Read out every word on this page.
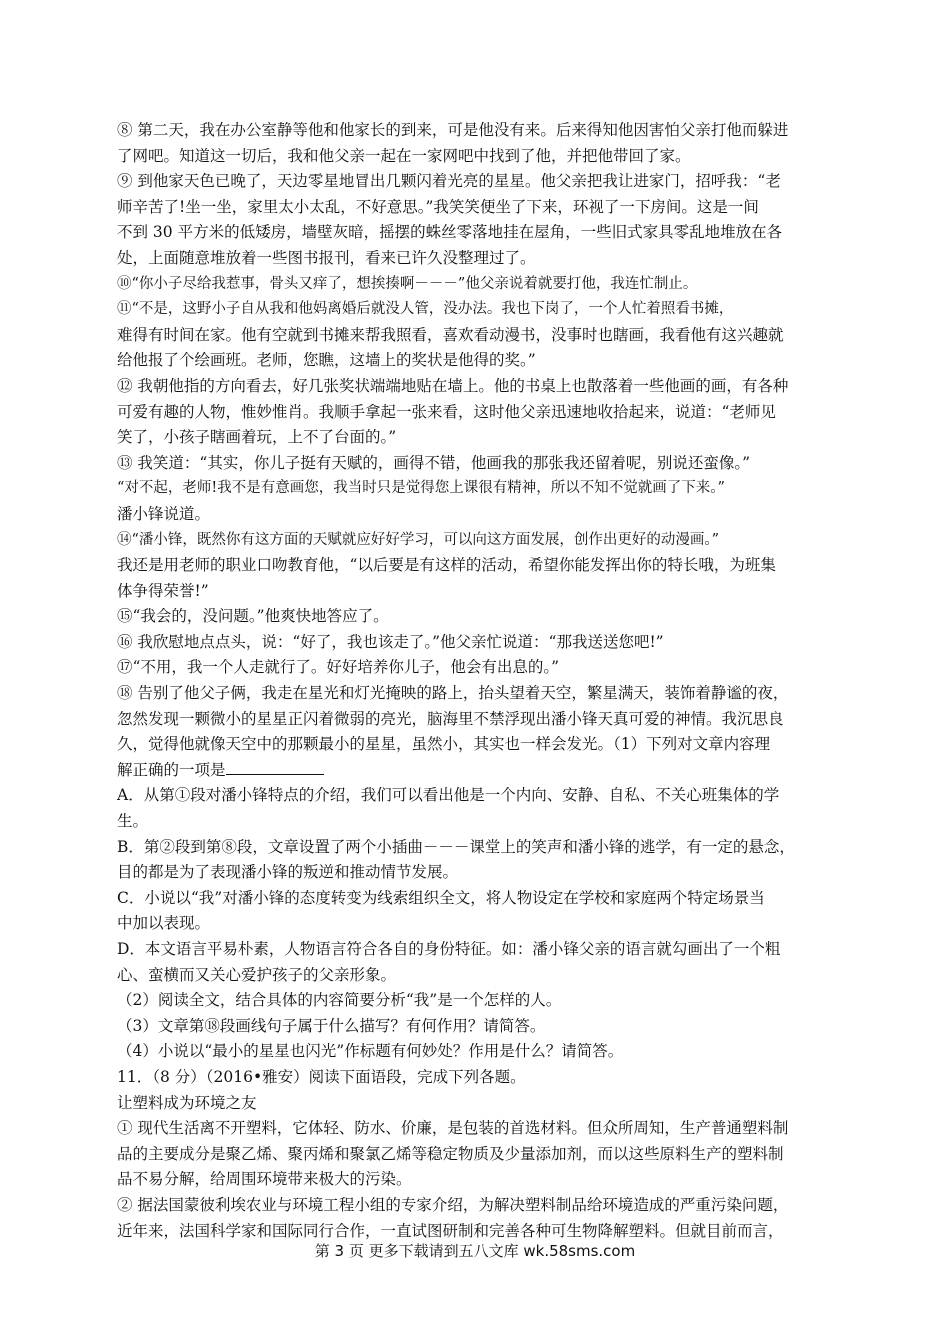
⑧ 第二天，我在办公室静等他和他家长的到来，可是他没有来。后来得知他因害怕父亲打他而躲进
了网吧。知道这一切后，我和他父亲一起在一家网吧中找到了他，并把他带回了家。
⑨ 到他家天色已晚了，天边零星地冒出几颗闪着光亮的星星。他父亲把我让进家门，招呼我：“老
师辛苦了!坐一坐，家里太小太乱，不好意思。”我笑笑便坐了下来，环视了一下房间。这是一间
不到 30 平方米的低矮房，墙壁灰暗，摇摆的蛛丝零落地挂在屋角，一些旧式家具零乱地堆放在各
处，上面随意堆放着一些图书报刊，看来已许久没整理过了。
⑩“你小子尽给我惹事，骨头又痒了，想挨揍啊－－－”他父亲说着就要打他，我连忙制止。
⑪“不是，这野小子自从我和他妈离婚后就没人管，没办法。我也下岗了，一个人忙着照看书摊，
难得有时间在家。他有空就到书摊来帮我照看，喜欢看动漫书，没事时也瞎画，我看他有这兴趣就
给他报了个绘画班。老师，您瞧，这墙上的奖状是他得的奖。”
⑫ 我朝他指的方向看去，好几张奖状端端地贴在墙上。他的书桌上也散落着一些他画的画，有各种
可爱有趣的人物，惟妙惟肖。我顺手拿起一张来看，这时他父亲迅速地收拾起来，说道：“老师见
笑了，小孩子瞎画着玩，上不了台面的。”
⑬ 我笑道：“其实，你儿子挺有天赋的，画得不错，他画我的那张我还留着呢，别说还蛮像。”
“对不起，老师!我不是有意画您，我当时只是觉得您上课很有精神，所以不知不觉就画了下来。”
潘小锋说道。
⑭“潘小锋，既然你有这方面的天赋就应好好学习，可以向这方面发展，创作出更好的动漫画。”
我还是用老师的职业口吻教育他，“以后要是有这样的活动，希望你能发挥出你的特长哦，为班集
体争得荣誉!”
⑮“我会的，没问题。”他爽快地答应了。
⑯ 我欣慰地点点头，说：“好了，我也该走了。”他父亲忙说道：“那我送送您吧!”
⑰“不用，我一个人走就行了。好好培养你儿子，他会有出息的。”
⑱ 告别了他父子俩，我走在星光和灯光掩映的路上，抬头望着天空，繁星满天，装饰着静谧的夜，
忽然发现一颗微小的星星正闪着微弱的亮光，脑海里不禁浮现出潘小锋天真可爱的神情。我沉思良
久，觉得他就像天空中的那颗最小的星星，虽然小，其实也一样会发光。（1）下列对文章内容理
解正确的一项是
A．从第①段对潘小锋特点的介绍，我们可以看出他是一个内向、安静、自私、不关心班集体的学
生。
B．第②段到第⑧段，文章设置了两个小插曲－－－课堂上的笑声和潘小锋的逃学，有一定的悬念，
目的都是为了表现潘小锋的叛逆和推动情节发展。
C．小说以“我”对潘小锋的态度转变为线索组织全文，将人物设定在学校和家庭两个特定场景当
中加以表现。
D．本文语言平易朴素，人物语言符合各自的身份特征。如：潘小锋父亲的语言就勾画出了一个粗
心、蛮横而又关心爱护孩子的父亲形象。
（2）阅读全文，结合具体的内容简要分析“我”是一个怎样的人。
（3）文章第⑱段画线句子属于什么描写？有何作用？请简答。
（4）小说以“最小的星星也闪光”作标题有何妙处？作用是什么？请简答。
11．（8 分）（2016•雅安）阅读下面语段，完成下列各题。
让塑料成为环境之友
① 现代生活离不开塑料，它体轻、防水、价廉，是包装的首选材料。但众所周知，生产普通塑料制
品的主要成分是聚乙烯、聚丙烯和聚氯乙烯等稳定物质及少量添加剂，而以这些原料生产的塑料制
品不易分解，给周围环境带来极大的污染。
② 据法国蒙彼利埃农业与环境工程小组的专家介绍，为解决塑料制品给环境造成的严重污染问题，
近年来，法国科学家和国际同行合作，一直试图研制和完善各种可生物降解塑料。但就目前而言，
第 3 页 更多下载请到五八文库 wk.58sms.com
